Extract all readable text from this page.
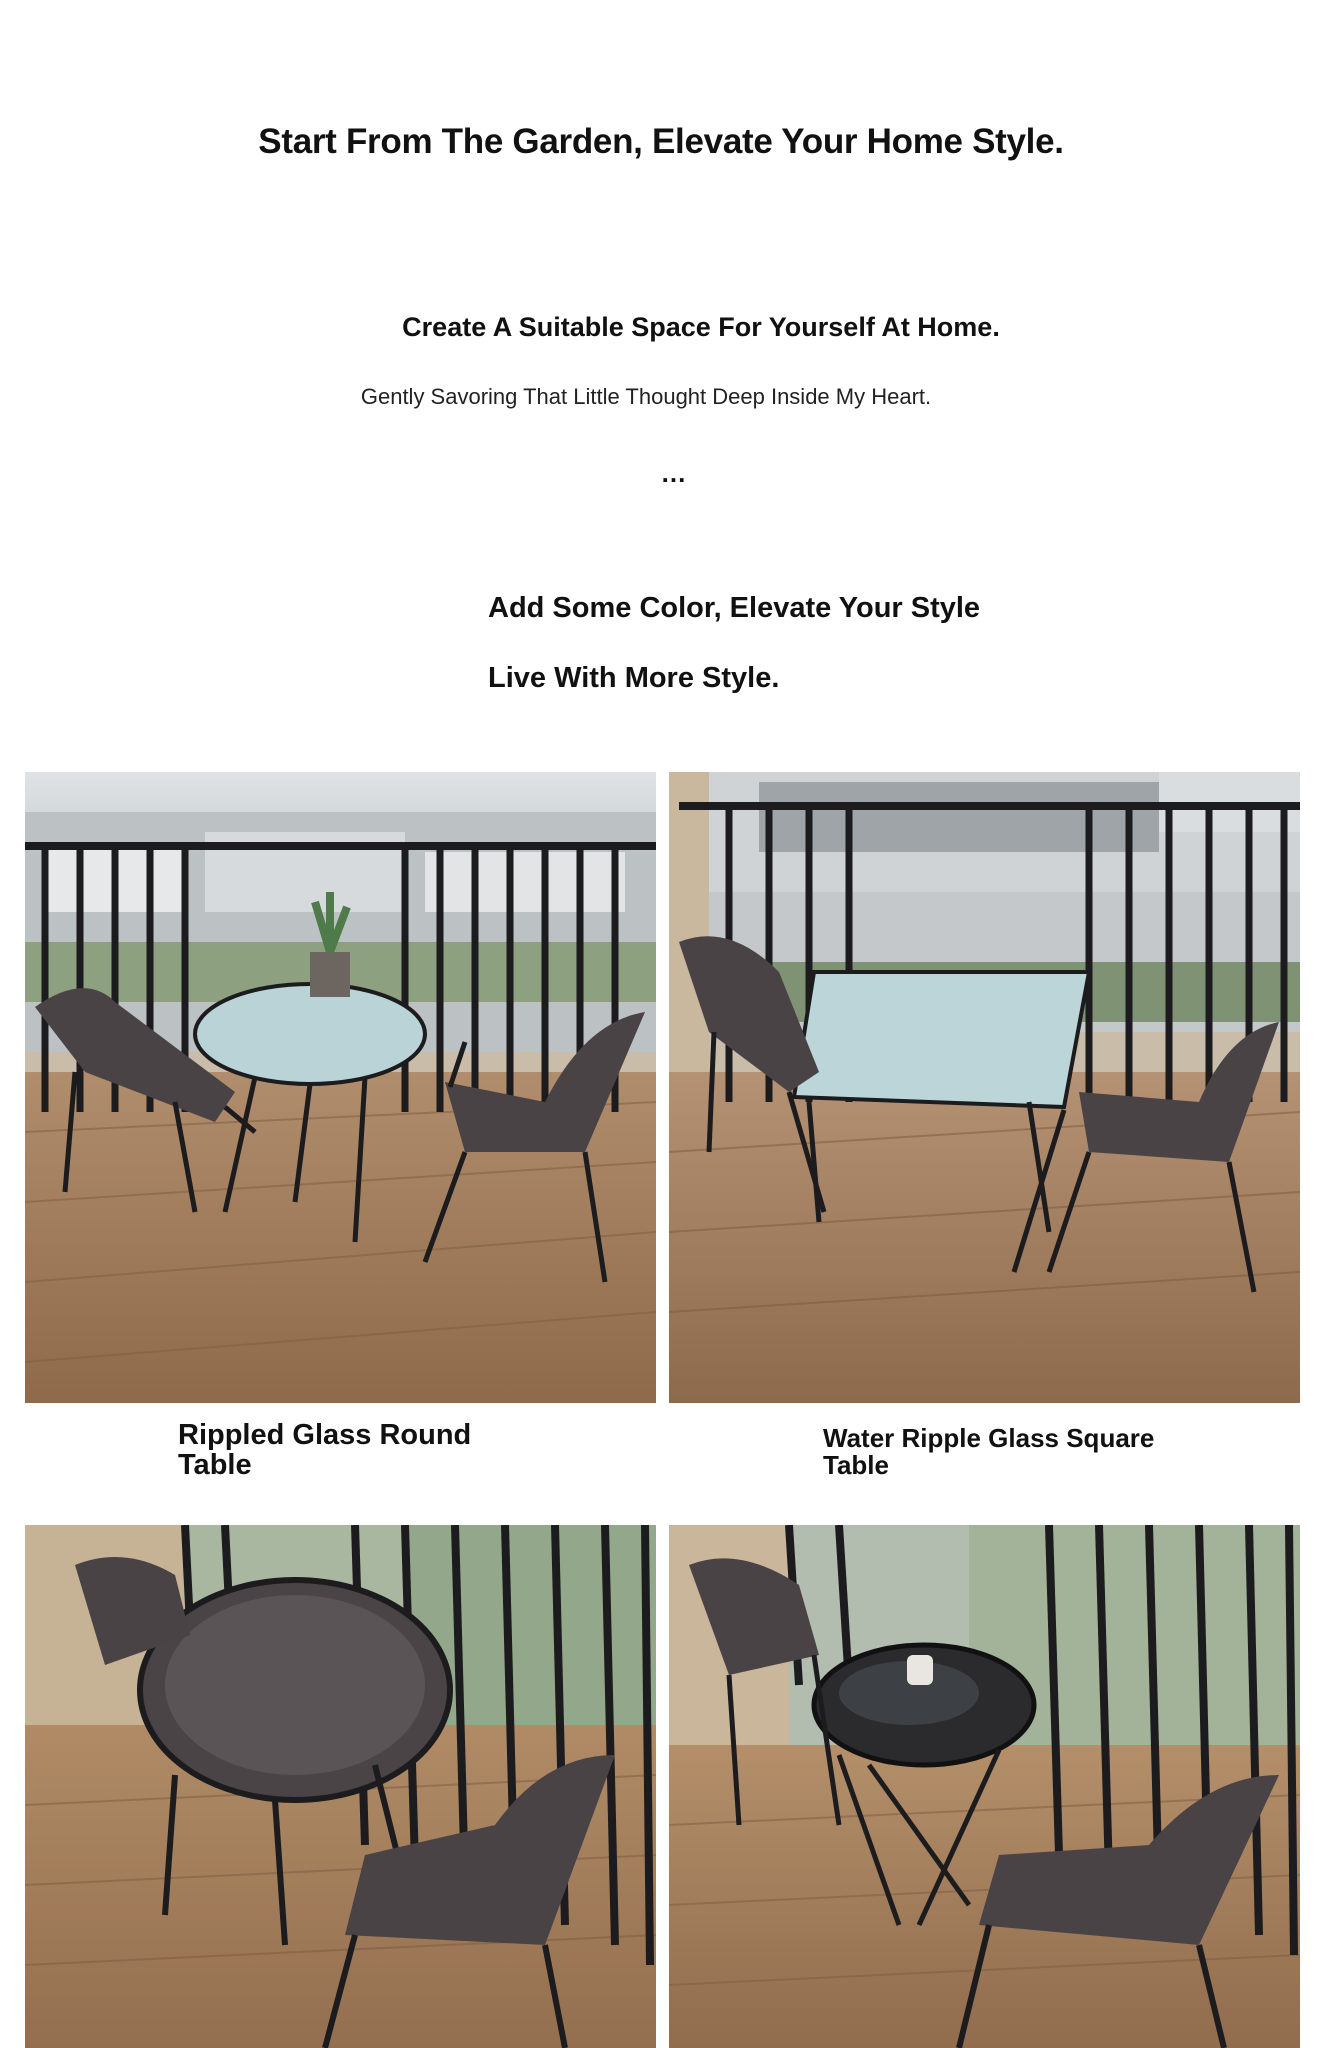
Start From The Garden, Elevate Your Home Style.
Create A Suitable Space For Yourself At Home.
Gently Savoring That Little Thought Deep Inside My Heart.
...
Add Some Color, Elevate Your Style
Live With More Style.
Rippled Glass Round
Table
Water Ripple Glass Square
Table
